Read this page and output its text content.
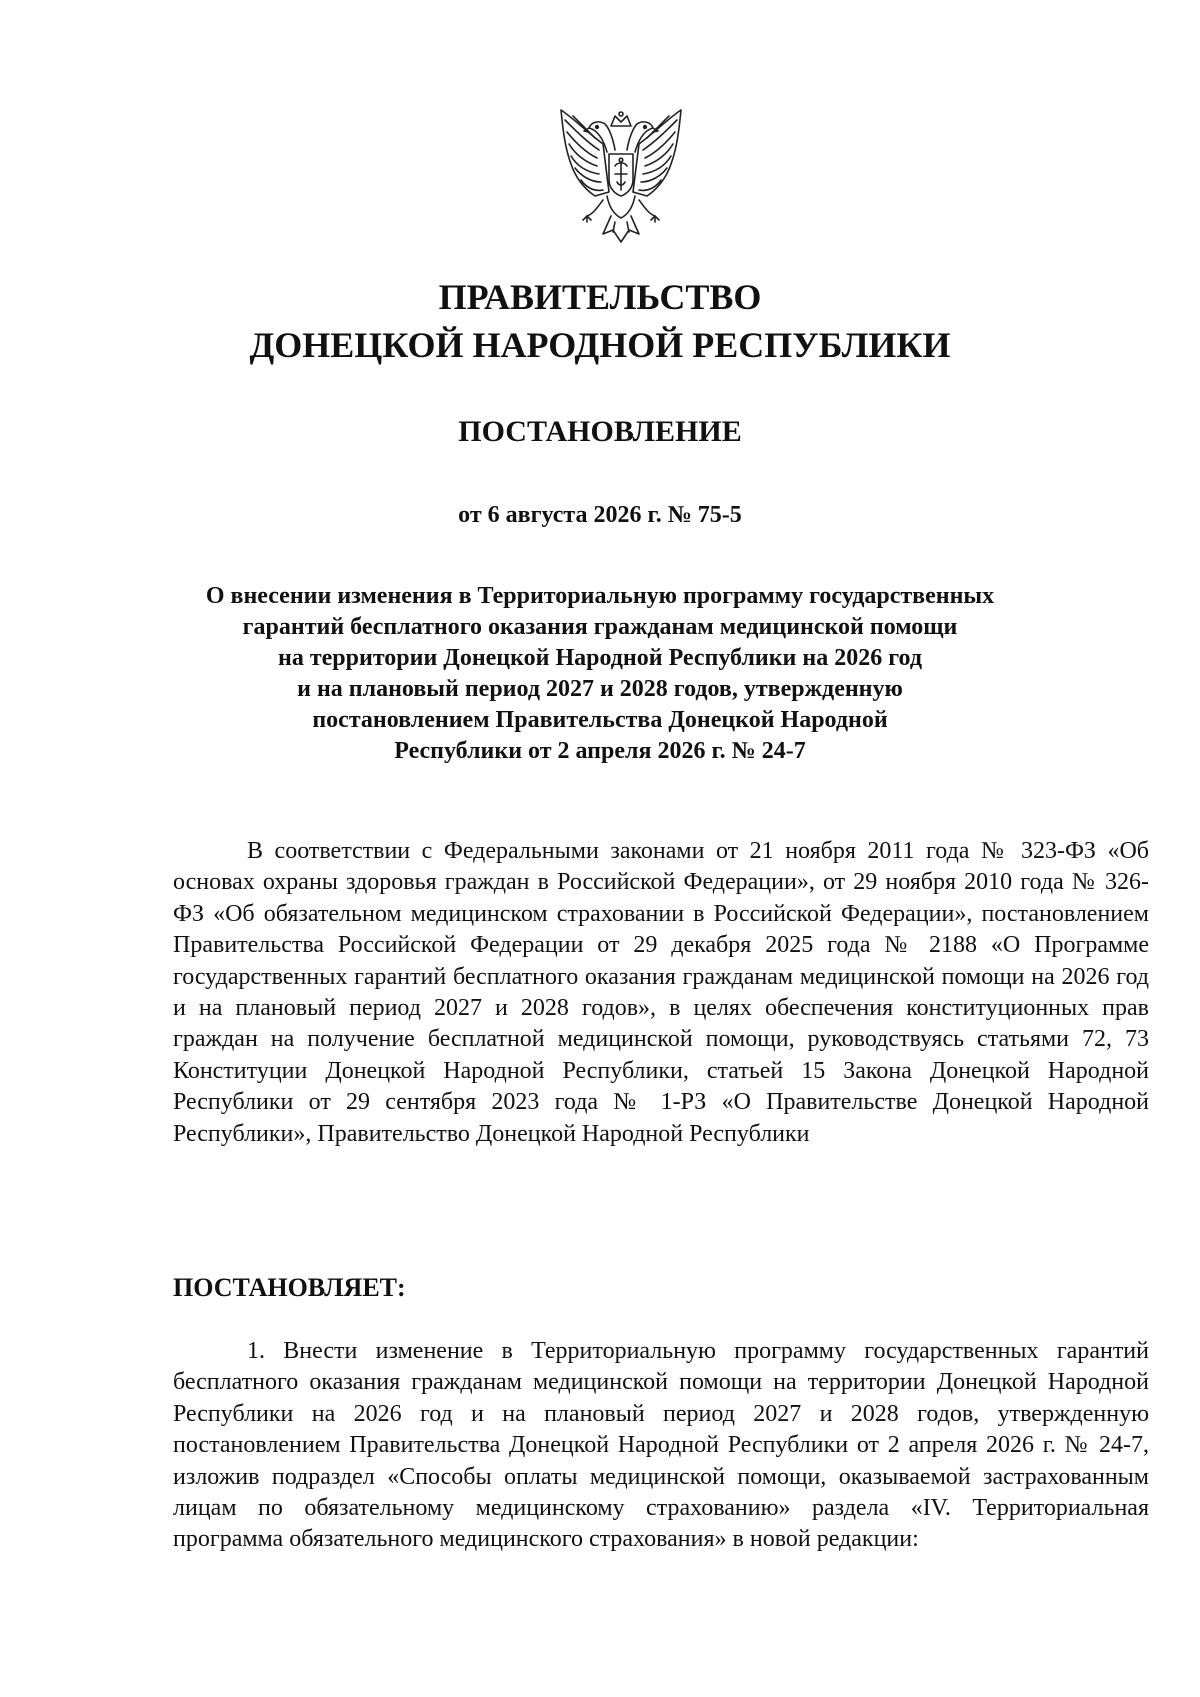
ПРАВИТЕЛЬСТВО
ДОНЕЦКОЙ НАРОДНОЙ РЕСПУБЛИКИ
ПОСТАНОВЛЕНИЕ
от 6 августа 2026 г. № 75-5
О внесении изменения в Территориальную программу государственных
гарантий бесплатного оказания гражданам медицинской помощи
на территории Донецкой Народной Республики на 2026 год
и на плановый период 2027 и 2028 годов, утвержденную
постановлением Правительства Донецкой Народной
Республики от 2 апреля 2026 г. № 24-7
В соответствии с Федеральными законами от 21 ноября 2011 года № 323-ФЗ «Об основах охраны здоровья граждан в Российской Федерации», от 29 ноября 2010 года № 326-ФЗ «Об обязательном медицинском страховании в Российской Федерации», постановлением Правительства Российской Федерации от 29 декабря 2025 года № 2188 «О Программе государственных гарантий бесплатного оказания гражданам медицинской помощи на 2026 год и на плановый период 2027 и 2028 годов», в целях обеспечения конституционных прав граждан на получение бесплатной медицинской помощи, руководствуясь статьями 72, 73 Конституции Донецкой Народной Республики, статьей 15 Закона Донецкой Народной Республики от 29 сентября 2023 года № 1-РЗ «О Правительстве Донецкой Народной Республики», Правительство Донецкой Народной Республики
ПОСТАНОВЛЯЕТ:
1. Внести изменение в Территориальную программу государственных гарантий бесплатного оказания гражданам медицинской помощи на территории Донецкой Народной Республики на 2026 год и на плановый период 2027 и 2028 годов, утвержденную постановлением Правительства Донецкой Народной Республики от 2 апреля 2026 г. № 24-7, изложив подраздел «Способы оплаты медицинской помощи, оказываемой застрахованным лицам по обязательному медицинскому страхованию» раздела «IV. Территориальная программа обязательного медицинского страхования» в новой редакции:
